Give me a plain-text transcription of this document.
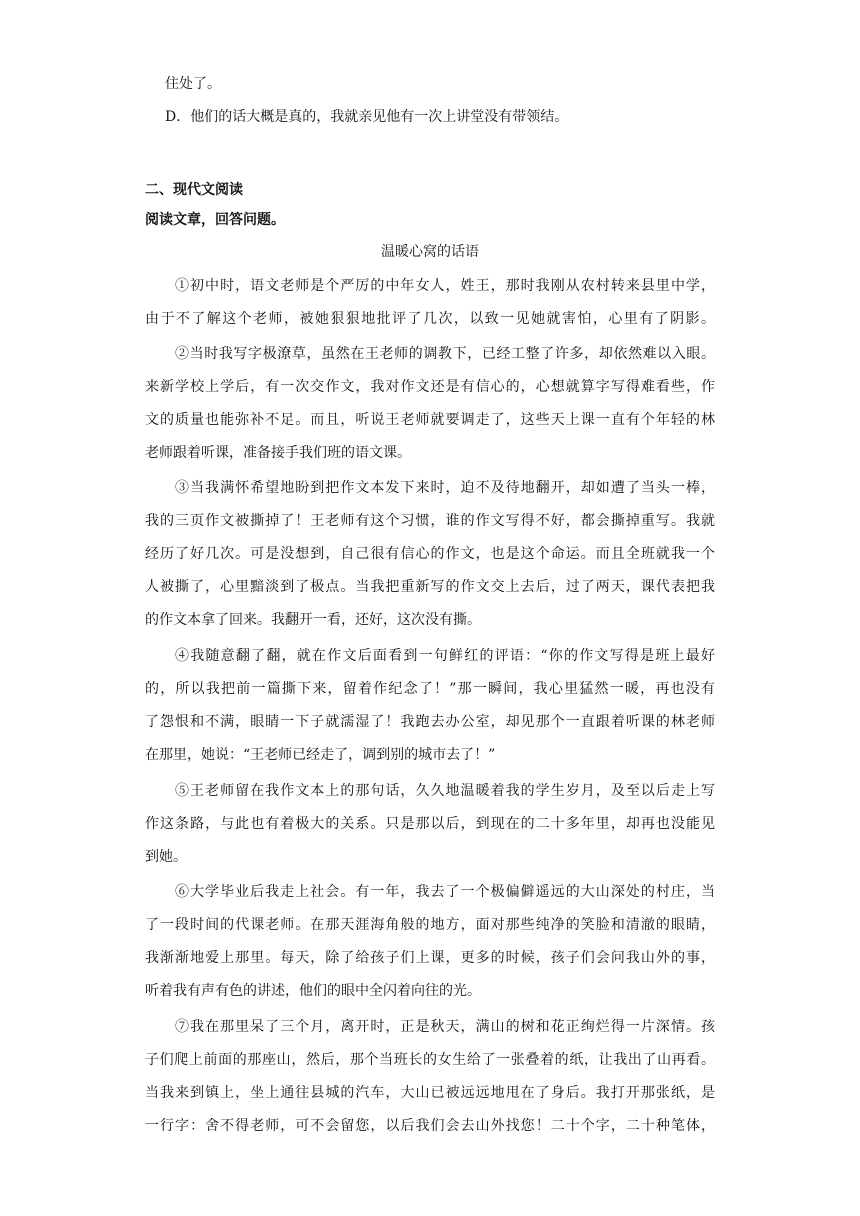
住处了。
D．他们的话大概是真的，我就亲见他有一次上讲堂没有带领结。
二、现代文阅读
阅读文章，回答问题。
温暖心窝的话语
①初中时，语文老师是个严厉的中年女人，姓王，那时我刚从农村转来县里中学，
由于不了解这个老师，被她狠狠地批评了几次，以致一见她就害怕，心里有了阴影。
②当时我写字极潦草，虽然在王老师的调教下，已经工整了许多，却依然难以入眼。
来新学校上学后，有一次交作文，我对作文还是有信心的，心想就算字写得难看些，作
文的质量也能弥补不足。而且，听说王老师就要调走了，这些天上课一直有个年轻的林
老师跟着听课，准备接手我们班的语文课。
③当我满怀希望地盼到把作文本发下来时，迫不及待地翻开，却如遭了当头一棒，
我的三页作文被撕掉了！王老师有这个习惯，谁的作文写得不好，都会撕掉重写。我就
经历了好几次。可是没想到，自己很有信心的作文，也是这个命运。而且全班就我一个
人被撕了，心里黯淡到了极点。当我把重新写的作文交上去后，过了两天，课代表把我
的作文本拿了回来。我翻开一看，还好，这次没有撕。
④我随意翻了翻，就在作文后面看到一句鲜红的评语：“你的作文写得是班上最好
的，所以我把前一篇撕下来，留着作纪念了！”那一瞬间，我心里猛然一暖，再也没有
了怨恨和不满，眼睛一下子就濡湿了！我跑去办公室，却见那个一直跟着听课的林老师
在那里，她说：“王老师已经走了，调到别的城市去了！”
⑤王老师留在我作文本上的那句话，久久地温暖着我的学生岁月，及至以后走上写
作这条路，与此也有着极大的关系。只是那以后，到现在的二十多年里，却再也没能见
到她。
⑥大学毕业后我走上社会。有一年，我去了一个极偏僻遥远的大山深处的村庄，当
了一段时间的代课老师。在那天涯海角般的地方，面对那些纯净的笑脸和清澈的眼睛，
我渐渐地爱上那里。每天，除了给孩子们上课，更多的时候，孩子们会问我山外的事，
听着我有声有色的讲述，他们的眼中全闪着向往的光。
⑦我在那里呆了三个月，离开时，正是秋天，满山的树和花正绚烂得一片深情。孩
子们爬上前面的那座山，然后，那个当班长的女生给了一张叠着的纸，让我出了山再看。
当我来到镇上，坐上通往县城的汽车，大山已被远远地甩在了身后。我打开那张纸，是
一行字：舍不得老师，可不会留您，以后我们会去山外找您！二十个字，二十种笔体，
